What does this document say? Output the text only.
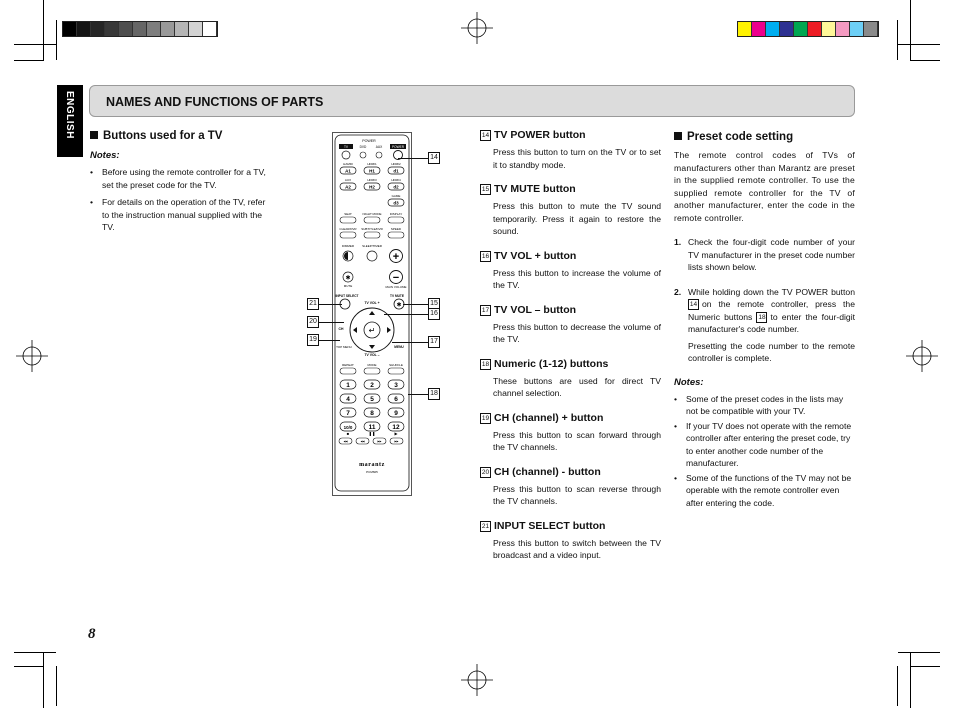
ENGLISH NAMES AND FUNCTIONS OF PARTS
Buttons used for a TV
Notes:
• Before using the remote controller for a TV, set the preset code for the TV.
• For details on the operation of the TV, refer to the instruction manual supplied with the TV.
POWER
TV	DVD	AUX	POWER
HAMDI	HDMI1	HDMI2
A1	H1	d1
AUX	HDMI3	HDMI4
A2	H2	d2
GAME
d3
SEAT	NIGHT MODE	DISPLAY
CLEAR/DVR SUBTITLE/DVR	SPEED
DIMMER	SLEEP/TIMER
+
✱	−
MUTE	MAIN VOLUME
INPUT SELECT	TV MUTE
✱
TV VOL +
↵
CH
TOP MENU	MENU
TV VOL –
REPEAT	MODE	SHUFFLE
1	2	3
4	5	6
7	8	9
10/0 11	12
■	❚❚	▶
◂◂	◂◂	▸▸	▸▸
marantz
PCM605
14
21
20
19
15
16
17
18
14 TV POWER button
Press this button to turn on the TV or to set it to standby mode.
15 TV MUTE button
Press this button to mute the TV sound temporarily. Press it again to restore the sound.
16 TV VOL + button
Press this button to increase the volume of the TV.
17 TV VOL – button
Press this button to decrease the volume of the TV.
18 Numeric (1-12) buttons
These buttons are used for direct TV channel selection.
19 CH (channel) + button
Press this button to scan forward through the TV channels.
20 CH (channel) - button
Press this button to scan reverse through the TV channels.
21 INPUT SELECT button
Press this button to switch between the TV broadcast and a video input.
Preset code setting
The remote control codes of TVs of manufacturers other than Marantz are preset in the supplied remote controller. To use the supplied remote controller for the TV of another manufacturer, enter the code in the remote controller.
1. Check the four-digit code number of your TV manufacturer in the preset code number lists shown below.
2. While holding down the TV POWER button 14 on the remote controller, press the Numeric buttons 18 to enter the four-digit manufacturer's code number.
Presetting the code number to the remote controller is complete.
Notes:
• Some of the preset codes in the lists may not be compatible with your TV.
• If your TV does not operate with the remote controller after entering the preset code, try to enter another code number of the manufacturer.
• Some of the functions of the TV may not be operable with the remote controller even after entering the code.
8
